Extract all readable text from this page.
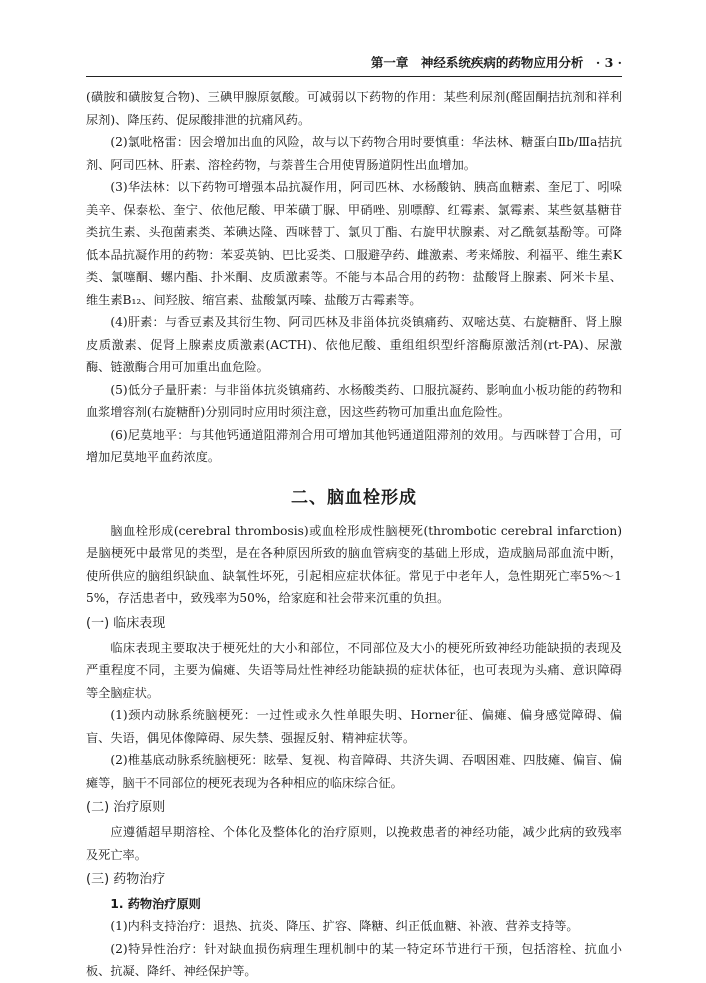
第一章　神经系统疾病的药物应用分析　· 3 ·

(磺胺和磺胺复合物)、三碘甲腺原氨酸。可减弱以下药物的作用：某些利尿剂(醛固酮拮抗剂和祥利尿剂)、降压药、促尿酸排泄的抗痛风药。

(2)氯吡格雷：因会增加出血的风险，故与以下药物合用时要慎重：华法林、糖蛋白Ⅱb/Ⅲa拮抗剂、阿司匹林、肝素、溶栓药物，与萘普生合用使胃肠道阴性出血增加。

(3)华法林：以下药物可增强本品抗凝作用，阿司匹林、水杨酸钠、胰高血糖素、奎尼丁、吲哚美辛、保泰松、奎宁、依他尼酸、甲苯磺丁脲、甲硝唑、别嘌醇、红霉素、氯霉素、某些氨基糖苷类抗生素、头孢菌素类、苯碘达隆、西咪替丁、氯贝丁酯、右旋甲状腺素、对乙酰氨基酚等。可降低本品抗凝作用的药物：苯妥英钠、巴比妥类、口服避孕药、雌激素、考来烯胺、利福平、维生素K类、氯噻酮、螺内酯、扑米酮、皮质激素等。不能与本品合用的药物：盐酸肾上腺素、阿米卡星、维生素B₁₂、间羟胺、缩宫素、盐酸氯丙嗪、盐酸万古霉素等。

(4)肝素：与香豆素及其衍生物、阿司匹林及非甾体抗炎镇痛药、双嘧达莫、右旋糖酐、肾上腺皮质激素、促肾上腺素皮质激素(ACTH)、依他尼酸、重组组织型纤溶酶原激活剂(rt-PA)、尿激酶、链激酶合用可加重出血危险。

(5)低分子量肝素：与非甾体抗炎镇痛药、水杨酸类药、口服抗凝药、影响血小板功能的药物和血浆增容剂(右旋糖酐)分别同时应用时须注意，因这些药物可加重出血危险性。

(6)尼莫地平：与其他钙通道阻滞剂合用可增加其他钙通道阻滞剂的效用。与西咪替丁合用，可增加尼莫地平血药浓度。

二、脑血栓形成

脑血栓形成(cerebral thrombosis)或血栓形成性脑梗死(thrombotic cerebral infarction)是脑梗死中最常见的类型，是在各种原因所致的脑血管病变的基础上形成，造成脑局部血流中断，使所供应的脑组织缺血、缺氧性坏死，引起相应症状体征。常见于中老年人，急性期死亡率5%～15%，存活患者中，致残率为50%，给家庭和社会带来沉重的负担。

(一) 临床表现

临床表现主要取决于梗死灶的大小和部位，不同部位及大小的梗死所致神经功能缺损的表现及严重程度不同，主要为偏瘫、失语等局灶性神经功能缺损的症状体征，也可表现为头痛、意识障碍等全脑症状。

(1)颈内动脉系统脑梗死：一过性或永久性单眼失明、Horner征、偏瘫、偏身感觉障碍、偏盲、失语，偶见体像障碍、尿失禁、强握反射、精神症状等。

(2)椎基底动脉系统脑梗死：眩晕、复视、构音障碍、共济失调、吞咽困难、四肢瘫、偏盲、偏瘫等，脑干不同部位的梗死表现为各种相应的临床综合征。

(二) 治疗原则

应遵循超早期溶栓、个体化及整体化的治疗原则，以挽救患者的神经功能，减少此病的致残率及死亡率。

(三) 药物治疗
1. 药物治疗原则

(1)内科支持治疗：退热、抗炎、降压、扩容、降糖、纠正低血糖、补液、营养支持等。

(2)特异性治疗：针对缺血损伤病理生理机制中的某一特定环节进行干预，包括溶栓、抗血小板、抗凝、降纤、神经保护等。
